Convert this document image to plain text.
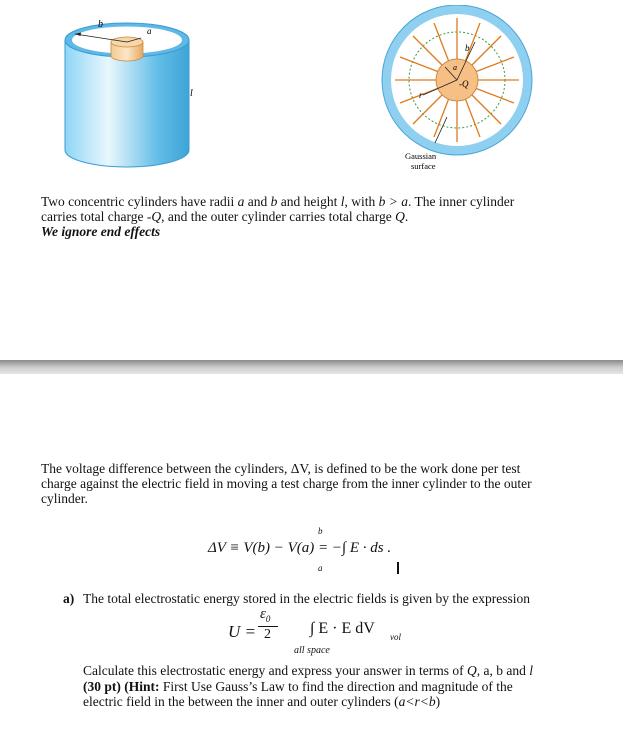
b
a
l
b
a
r
-Q
Gaussian
surface
Two concentric cylinders have radii a and b and height l, with b > a. The inner cylinder
carries total charge -Q, and the outer cylinder carries total charge Q.
We ignore end effects
The voltage difference between the cylinders, ΔV, is defined to be the work done per test
charge against the electric field in moving a test charge from the inner cylinder to the outer
cylinder.
ΔV ≡ V(b) − V(a) = −∫ E · ds .
b
a
a) The total electrostatic energy stored in the electric fields is given by the expression
U =
$\varepsilon_0$
2 ∫ E · E dV vol
all space
Calculate this electrostatic energy and express your answer in terms of Q, a, b and l
(30 pt) (Hint: First Use Gauss’s Law to find the direction and magnitude of the
electric field in the between the inner and outer cylinders (a<r<b)
